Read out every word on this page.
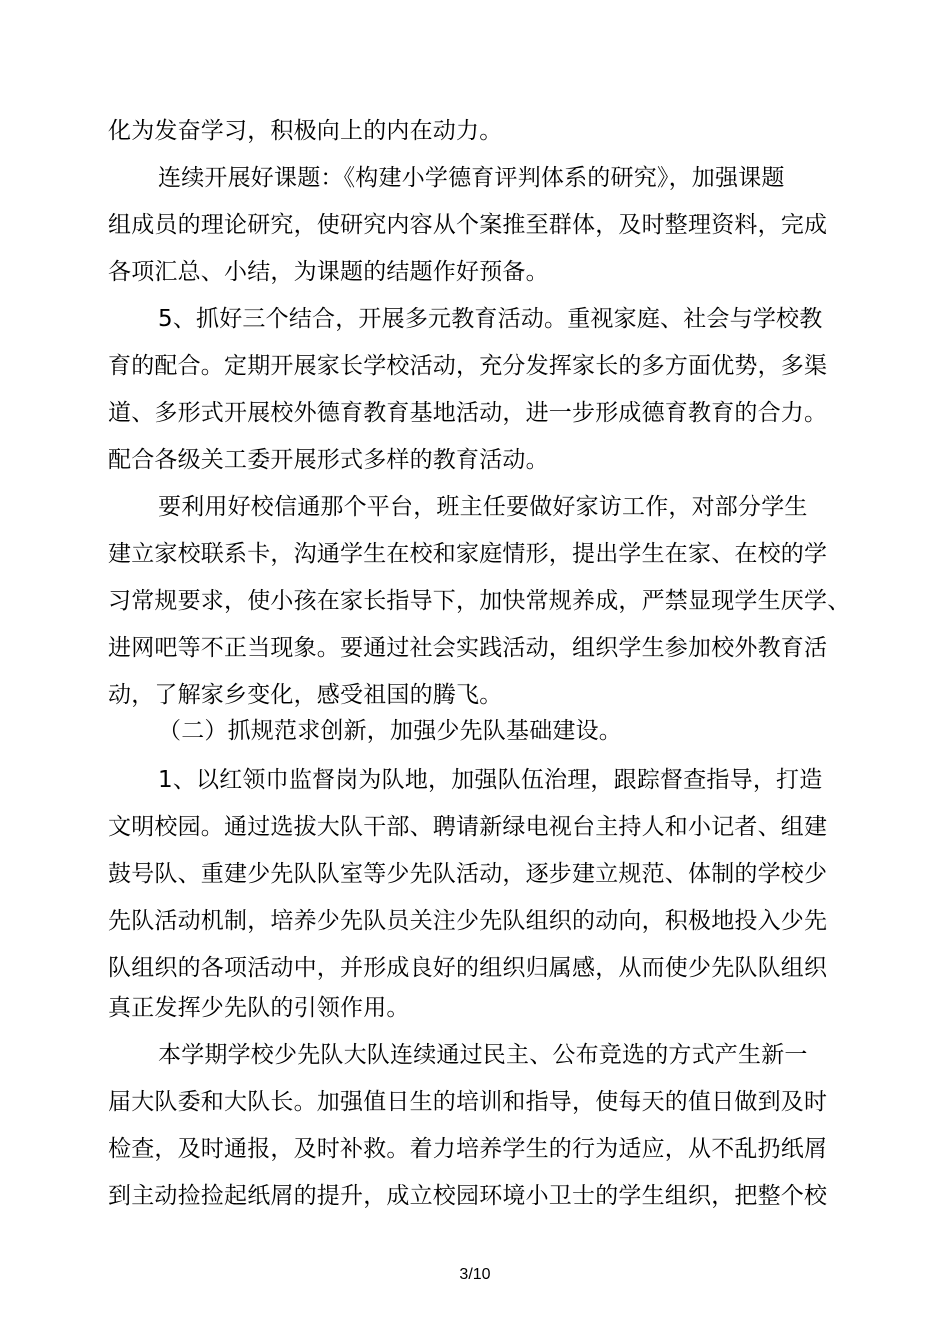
化为发奋学习，积极向上的内在动力。
连续开展好课题：《构建小学德育评判体系的研究》，加强课题
组成员的理论研究，使研究内容从个案推至群体，及时整理资料，完成
各项汇总、小结，为课题的结题作好预备。
5、抓好三个结合，开展多元教育活动。重视家庭、社会与学校教
育的配合。定期开展家长学校活动，充分发挥家长的多方面优势，多渠
道、多形式开展校外德育教育基地活动，进一步形成德育教育的合力。
配合各级关工委开展形式多样的教育活动。
要利用好校信通那个平台，班主任要做好家访工作，对部分学生
建立家校联系卡，沟通学生在校和家庭情形，提出学生在家、在校的学
习常规要求，使小孩在家长指导下，加快常规养成，严禁显现学生厌学、
进网吧等不正当现象。要通过社会实践活动，组织学生参加校外教育活
动，了解家乡变化，感受祖国的腾飞。
（二）抓规范求创新，加强少先队基础建设。
1、以红领巾监督岗为队地，加强队伍治理，跟踪督查指导，打造
文明校园。通过选拔大队干部、聘请新绿电视台主持人和小记者、组建
鼓号队、重建少先队队室等少先队活动，逐步建立规范、体制的学校少
先队活动机制，培养少先队员关注少先队组织的动向，积极地投入少先
队组织的各项活动中，并形成良好的组织归属感，从而使少先队队组织
真正发挥少先队的引领作用。
本学期学校少先队大队连续通过民主、公布竞选的方式产生新一
届大队委和大队长。加强值日生的培训和指导，使每天的值日做到及时
检查，及时通报，及时补救。着力培养学生的行为适应，从不乱扔纸屑
到主动捡捡起纸屑的提升，成立校园环境小卫士的学生组织，把整个校
3/10
